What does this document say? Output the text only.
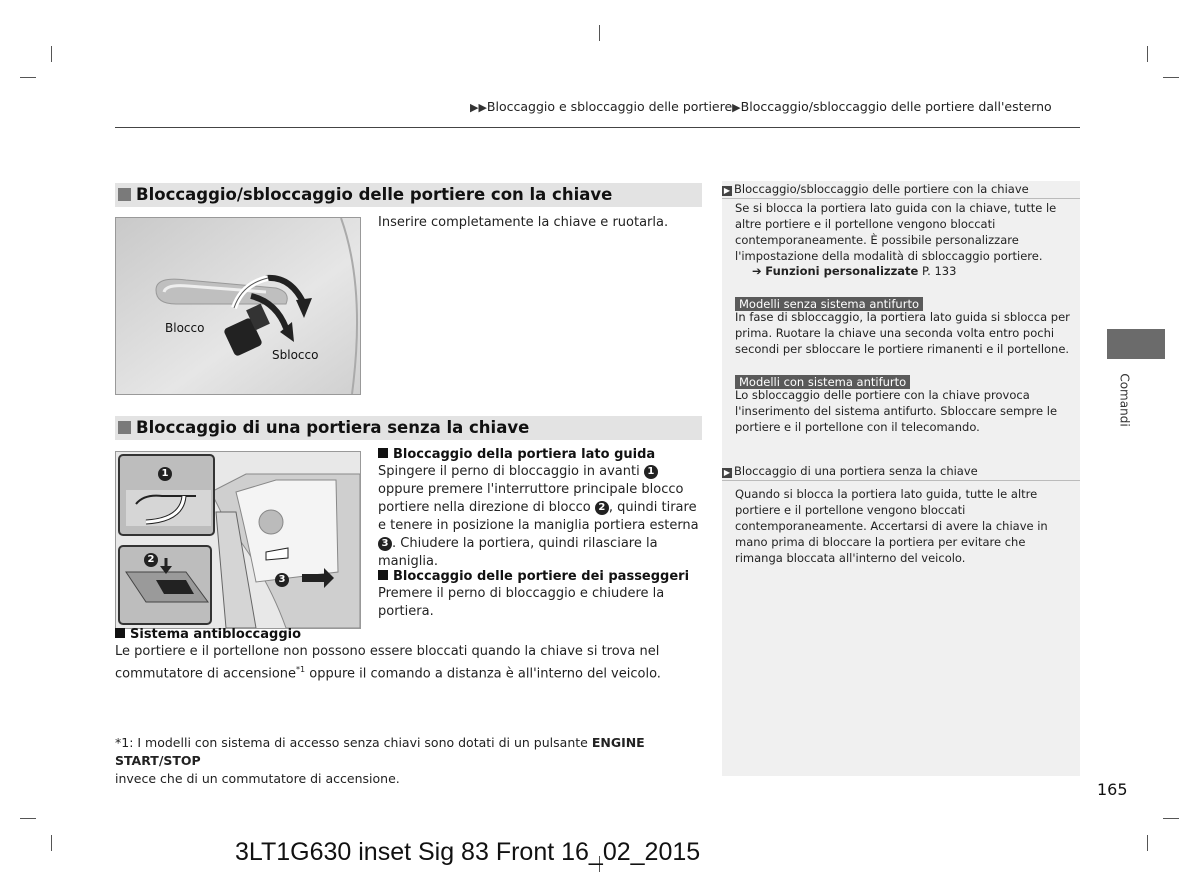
▶▶Bloccaggio e sbloccaggio delle portiere▶Bloccaggio/sbloccaggio delle portiere dall'esterno
Bloccaggio/sbloccaggio delle portiere con la chiave
Blocco
Sblocco
Inserire completamente la chiave e ruotarla.
Bloccaggio di una portiera senza la chiave
1
2
3
Bloccaggio della portiera lato guida
Spingere il perno di bloccaggio in avanti 1 oppure premere l'interruttore principale blocco portiere nella direzione di blocco 2 , quindi tirare e tenere in posizione la maniglia portiera esterna 3 . Chiudere la portiera, quindi rilasciare la maniglia.
Bloccaggio delle portiere dei passeggeri
Premere il perno di bloccaggio e chiudere la portiera.
Sistema antibloccaggio
Le portiere e il portellone non possono essere bloccati quando la chiave si trova nel commutatore di accensione$^{*1}$ oppure il comando a distanza è all'interno del veicolo.
*1: I modelli con sistema di accesso senza chiavi sono dotati di un pulsante ENGINE START/STOP
invece che di un commutatore di accensione.
▶ Bloccaggio/sbloccaggio delle portiere con la chiave
Se si blocca la portiera lato guida con la chiave, tutte le altre portiere e il portellone vengono bloccati contemporaneamente. È possibile personalizzare l'impostazione della modalità di sbloccaggio portiere.
➔ Funzioni personalizzate P. 133
Modelli senza sistema antifurto
In fase di sbloccaggio, la portiera lato guida si sblocca per prima. Ruotare la chiave una seconda volta entro pochi secondi per sbloccare le portiere rimanenti e il portellone.
Modelli con sistema antifurto
Lo sbloccaggio delle portiere con la chiave provoca l'inserimento del sistema antifurto. Sbloccare sempre le portiere e il portellone con il telecomando.
▶ Bloccaggio di una portiera senza la chiave
Quando si blocca la portiera lato guida, tutte le altre portiere e il portellone vengono bloccati contemporaneamente. Accertarsi di avere la chiave in mano prima di bloccare la portiera per evitare che rimanga bloccata all'interno del veicolo.
Comandi
165
3LT1G630 inset Sig 83 Front 16_02_2015
